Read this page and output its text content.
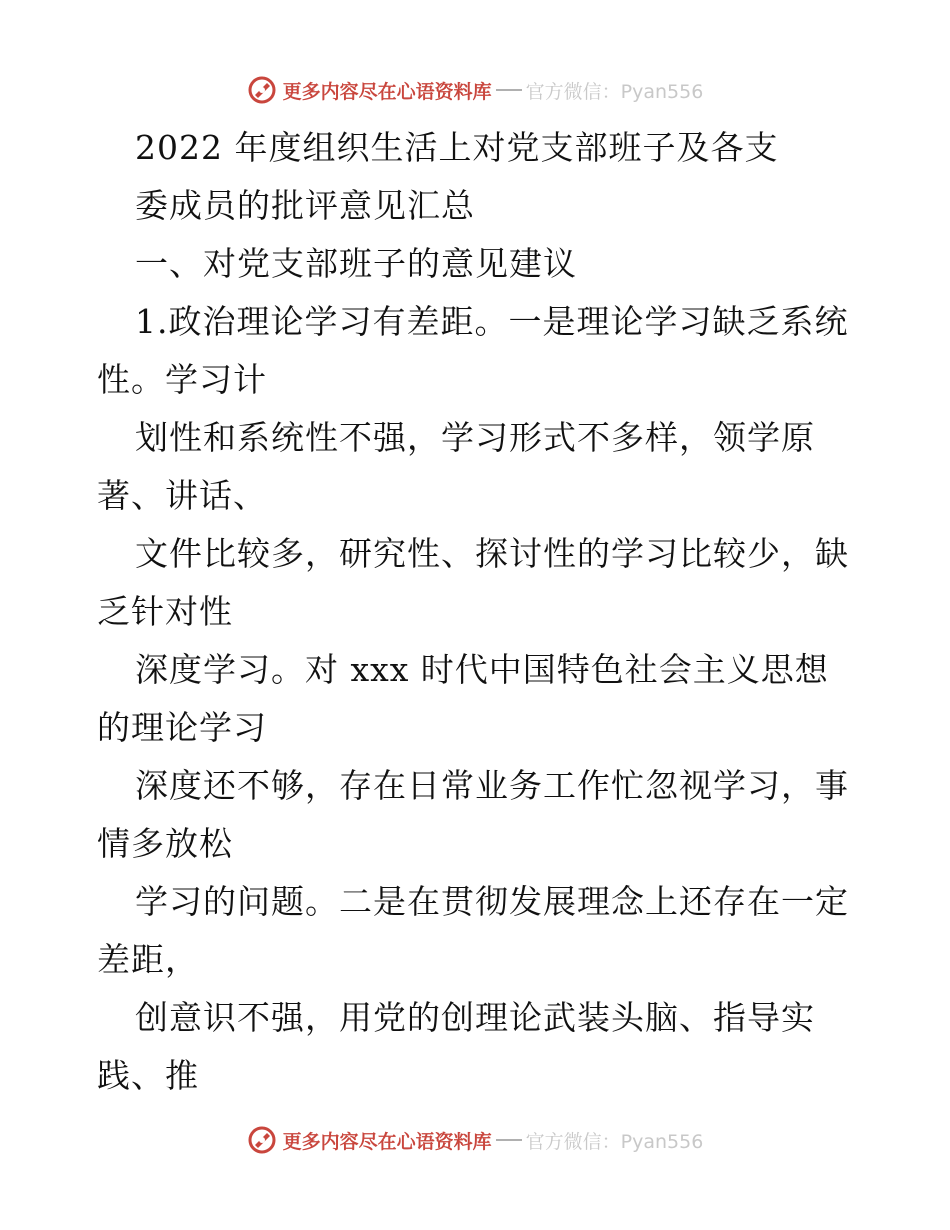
更多内容尽在心语资料库 官方微信：Pyan556
2022 年度组织生活上对党支部班子及各支
委成员的批评意见汇总
一、对党支部班子的意见建议
1.政治理论学习有差距。一是理论学习缺乏系统
性。学习计
划性和系统性不强，学习形式不多样，领学原
著、讲话、
文件比较多，研究性、探讨性的学习比较少，缺
乏针对性
深度学习。对 xxx 时代中国特色社会主义思想
的理论学习
深度还不够，存在日常业务工作忙忽视学习，事
情多放松
学习的问题。二是在贯彻发展理念上还存在一定
差距，
创意识不强，用党的创理论武装头脑、指导实
践、推
更多内容尽在心语资料库 官方微信：Pyan556
